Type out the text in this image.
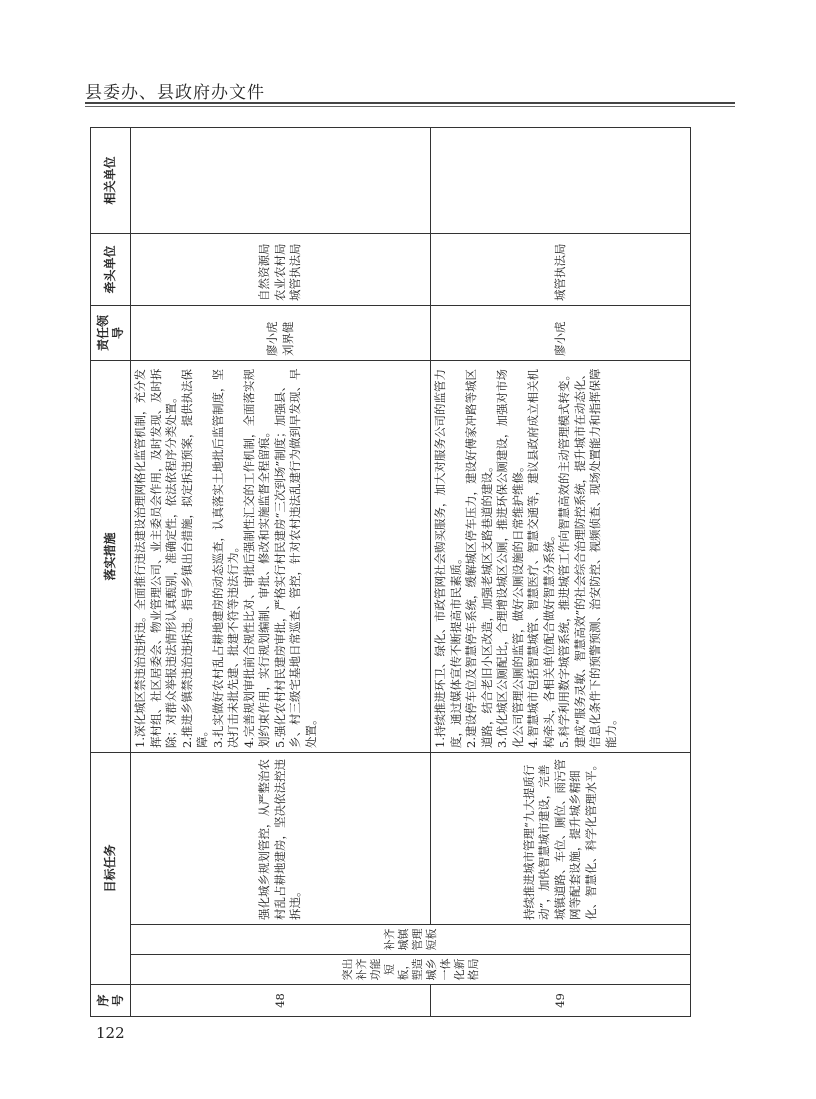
县委办、县政府办文件
序号	目标任务			落实措施	责任领导	牵头单位	相关单位
48	突出补齐功能短板，塑造城乡一体化新格局	补齐城镇管理短板	强化城乡规划管控，从严整治农村乱占耕地建房，坚决依法控违拆违。	1.深化城区禁违治违拆违。全面推行违法建设治理网格化监管机制，充分发挥村组、社区居委会、物业管理公司、业主委员会作用，及时发现、及时拆除；对群众举报违法情形认真甄别，准确定性，依法依程序分类处置。 2.推进乡镇禁违治违拆违。指导乡镇出台措施，拟定拆违预案，提供执法保障。 3.扎实做好农村乱占耕地建房的动态巡查，认真落实土地批后监管制度，坚决打击未批先建、批建不符等违法行为。 4.完善规划审批前合规性比对、审批后强制性汇交的工作机制，全面落实规划约束作用，实行规划编制、审批、修改和实施监督全程留痕。 5.强化农村村民建房审批，严格实行村民建房“三次到场”制度；加强县、乡、村三级宅基地日常巡查、管控，针对农村违法乱建行为做到早发现、早处置。	廖小虎 刘界健	自然资源局 农业农村局 城管执法局	
49			持续推进城市管理“九大提质行动”，加快智慧城市建设，完善城镇道路、车位、厕位、雨污管网等配套设施，提升城乡精细化、智慧化、科学化管理水平。	1.持续推进环卫、绿化、市政管网社会购买服务，加大对服务公司的监管力度，通过媒体宣传不断提高市民素质。 2.建设停车位及智慧停车系统，缓解城区停车压力，建设好傅家冲路等城区道路，结合老旧小区改造，加强老城区支路巷道的建设。 3.优化城区公厕配比，合理增设城区公厕，推进环保公厕建设，加强对市场化公司管理公厕的监管，做好公厕设施的日常维护维修。 4.智慧城市包括智慧城管、智慧医疗、智慧交通等，建议县政府成立相关机构牵头，各相关单位配合做好智慧分系统。 5.科学利用数字城管系统，推进城管工作向智慧高效的主动管理模式转变。建成“服务灵敏、智慧高效”的社会综合治理防控系统，提升城市在动态化、信息化条件下的预警预测、治安防控、视频侦查、现场处置能力和指挥保障能力。	廖小虎	城管执法局	
122
